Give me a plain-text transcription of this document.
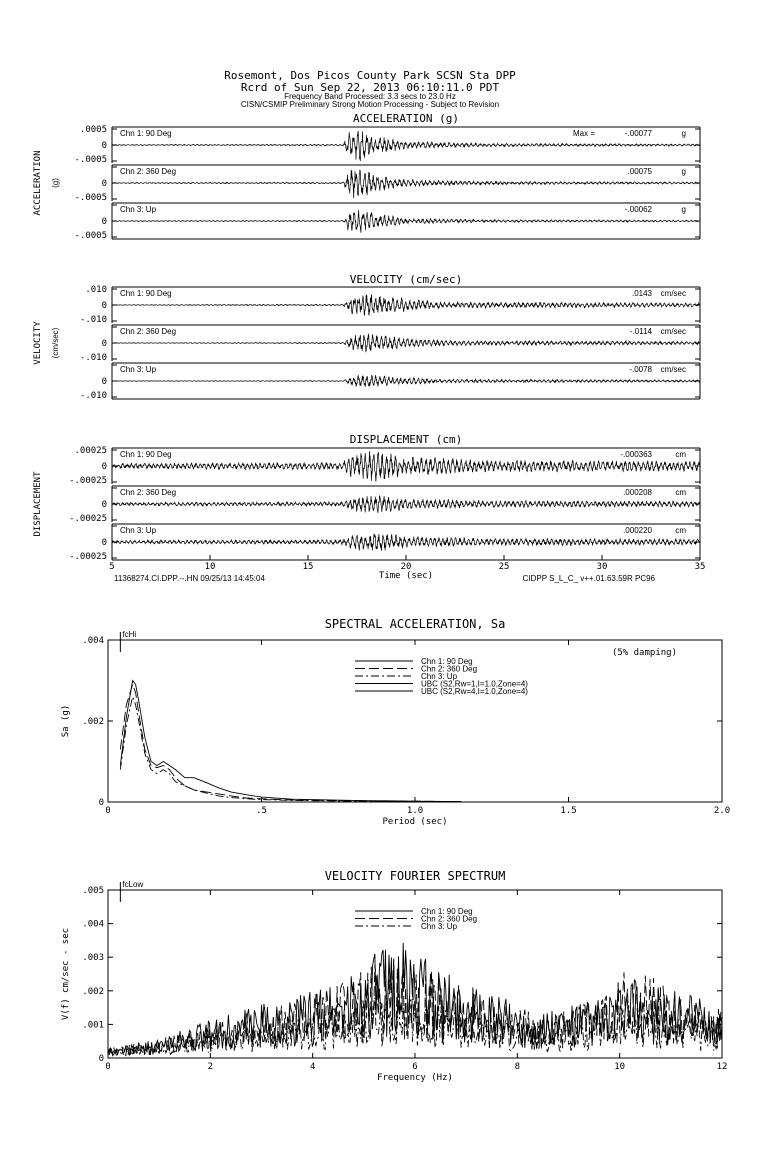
Rosemont, Dos Picos County Park SCSN Sta DPP
Rcrd of Sun Sep 22, 2013 06:10:11.0 PDT
Frequency Band Processed: 3.3 secs to 23.0 Hz
CISN/CSMIP Preliminary Strong Motion Processing - Subject to Revision
ACCELERATION (g)
ACCELERATION (g)
.0005
0
-.0005
Chn 1: 90 Deg	Max =	-.00077	g
0
-.0005
Chn 2: 360 Deg	.00075	g
0
-.0005
Chn 3: Up	-.00062	g
VELOCITY (cm/sec)
VELOCITY (cm/sec)
.010
0
-.010
Chn 1: 90 Deg	.0143 cm/sec
0
-.010
Chn 2: 360 Deg	-.0114 cm/sec
0
-.010
Chn 3: Up	-.0078 cm/sec
DISPLACEMENT (cm)
DISPLACEMENT
.00025
0
-.00025
Chn 1: 90 Deg	-.000363	cm
0
-.00025
Chn 2: 360 Deg	.000208	cm
0
-.00025
Chn 3: Up	.000220	cm
5	10	15	20	25	30	35
Time (sec)
11368274.CI.DPP.--.HN 09/25/13 14:45:04	CIDPP S_L_C_ v++.01.63.59R PC96
SPECTRAL ACCELERATION, Sa
0	.5	1.0	1.5	2.0
0
.002
.004
Period (sec)
Sa (g)
fcHi
(5% damping)
Chn 1: 90 Deg
Chn 2: 360 Deg
Chn 3: Up
UBC (S2,Rw=1,I=1.0,Zone=4)
UBC (S2,Rw=4,I=1.0,Zone=4)
VELOCITY FOURIER SPECTRUM
0	2	4	6	8	10	12
0
.001
.002
.003
.004
.005
Frequency (Hz)
V(f) cm/sec - sec
fcLow
Chn 1: 90 Deg
Chn 2: 360 Deg
Chn 3: Up
